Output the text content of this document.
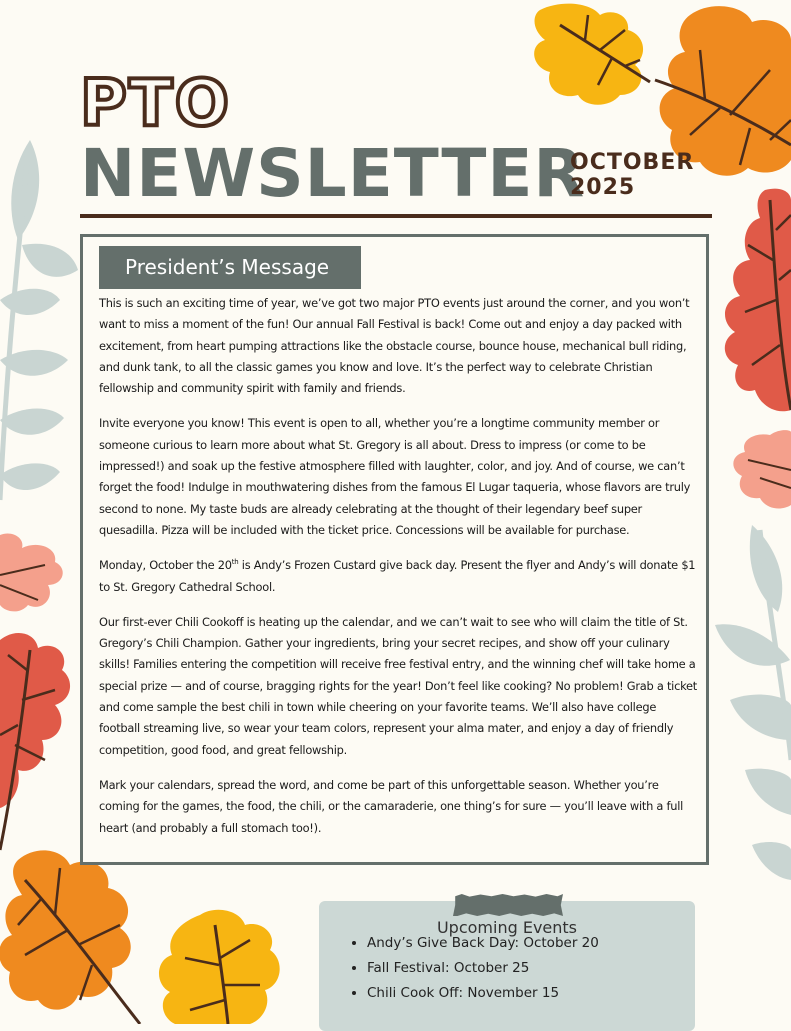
PTO
NEWSLETTER
OCTOBER
2025
President’s Message

This is such an exciting time of year, we’ve got two major PTO events just around the corner, and you won’t want to miss a moment of the fun! Our annual Fall Festival is back! Come out and enjoy a day packed with excitement, from heart pumping attractions like the obstacle course, bounce house, mechanical bull riding, and dunk tank, to all the classic games you know and love. It’s the perfect way to celebrate Christian fellowship and community spirit with family and friends.

Invite everyone you know! This event is open to all, whether you’re a longtime community member or someone curious to learn more about what St. Gregory is all about. Dress to impress (or come to be impressed!) and soak up the festive atmosphere filled with laughter, color, and joy. And of course, we can’t forget the food! Indulge in mouthwatering dishes from the famous El Lugar taqueria, whose flavors are truly second to none. My taste buds are already celebrating at the thought of their legendary beef super quesadilla. Pizza will be included with the ticket price. Concessions will be available for purchase.

Monday, October the 20th is Andy’s Frozen Custard give back day. Present the flyer and Andy’s will donate $1 to St. Gregory Cathedral School.

Our first-ever Chili Cookoff is heating up the calendar, and we can’t wait to see who will claim the title of St. Gregory’s Chili Champion. Gather your ingredients, bring your secret recipes, and show off your culinary skills! Families entering the competition will receive free festival entry, and the winning chef will take home a special prize — and of course, bragging rights for the year! Don’t feel like cooking? No problem! Grab a ticket and come sample the best chili in town while cheering on your favorite teams. We’ll also have college football streaming live, so wear your team colors, represent your alma mater, and enjoy a day of friendly competition, good food, and great fellowship.

Mark your calendars, spread the word, and come be part of this unforgettable season. Whether you’re coming for the games, the food, the chili, or the camaraderie, one thing’s for sure — you’ll leave with a full heart (and probably a full stomach too!).

Upcoming Events
• Andy’s Give Back Day: October 20
• Fall Festival: October 25
• Chili Cook Off: November 15
